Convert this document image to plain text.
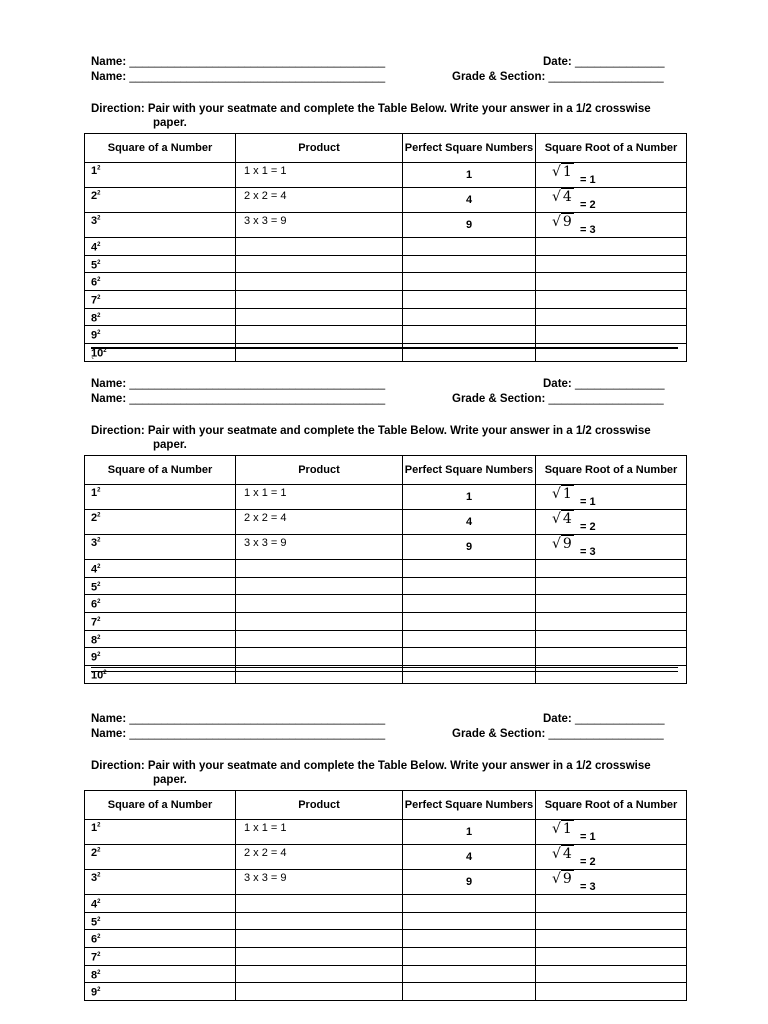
Name: ________________________________________	Date: ______________
Name: ________________________________________	Grade & Section: __________________
Direction: Pair with your seatmate and complete the Table Below. Write your answer in a 1/2 crosswise
paper.
Square of a Number	Product	Perfect Square Numbers	Square Root of a Number
$1^2$	1 x 1 = 1	1	√ 1 = 1

$2^2$	2 x 2 = 4	4	√ 4 = 2

$3^2$	3 x 3 = 9	9	√ 9 = 3

$4^2$			
$5^2$			
$6^2$			
$7^2$			
$8^2$			
$9^2$			
$10^2$			
Name: ________________________________________	Date: ______________
Name: ________________________________________	Grade & Section: __________________
Direction: Pair with your seatmate and complete the Table Below. Write your answer in a 1/2 crosswise
paper.
Square of a Number	Product	Perfect Square Numbers	Square Root of a Number
$1^2$	1 x 1 = 1	1	√ 1 = 1

$2^2$	2 x 2 = 4	4	√ 4 = 2

$3^2$	3 x 3 = 9	9	√ 9 = 3

$4^2$			
$5^2$			
$6^2$			
$7^2$			
$8^2$			
$9^2$			
$10^2$			
Name: ________________________________________	Date: ______________
Name: ________________________________________	Grade & Section: __________________
Direction: Pair with your seatmate and complete the Table Below. Write your answer in a 1/2 crosswise
paper.
Square of a Number	Product	Perfect Square Numbers	Square Root of a Number
$1^2$	1 x 1 = 1	1	√ 1 = 1

$2^2$	2 x 2 = 4	4	√ 4 = 2

$3^2$	3 x 3 = 9	9	√ 9 = 3

$4^2$			
$5^2$			
$6^2$			
$7^2$			
$8^2$			
$9^2$			
`
